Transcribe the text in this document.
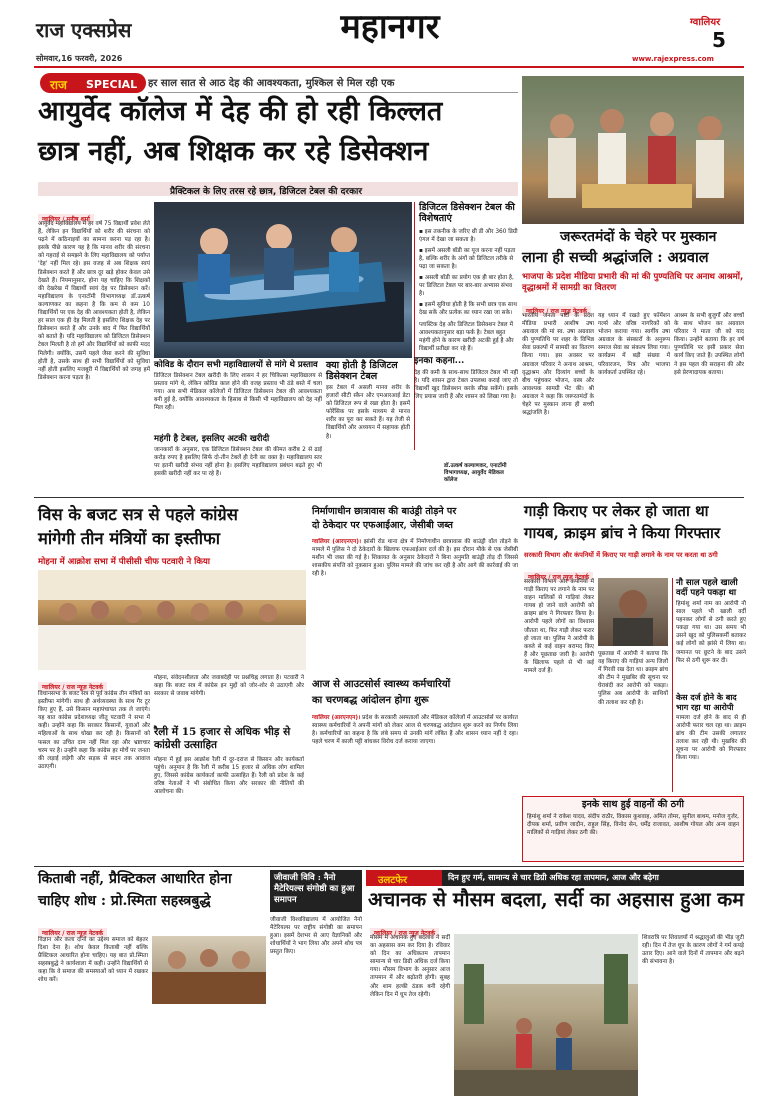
राज एक्सप्रेस
सोमवार,16 फरवरी, 2026
महानगर	ग्वालियर
5
www.rajexpress.com
राज SPECIAL हर साल सात से आठ देह की आवश्यकता, मुश्किल से मिल रही एक
आयुर्वेद कॉलेज में देह की हो रही किल्लत
छात्र नहीं, अब शिक्षक कर रहे डिसेक्शन
प्रैक्टिकल के लिए तरस रहे छात्र, डिजिटल टेबल की दरकार
ग्वालियर / मनीष शर्मा
आयुर्वेद महाविद्यालय में हर वर्ष 75 विद्यार्थी प्रवेश लेते हैं, लेकिन इन विद्यार्थियों को शरीर की संरचना को पढ़ने में कठिनाइयों का सामना करना पड़ रहा है। इसके पीछे कारण यह है कि मानव शरीर की संरचना को गहराई से समझने के लिए महाविद्यालय को पर्याप्त 'देह' नहीं मिल रहे। इस वजह से अब शिक्षक स्वयं डिसेक्शन करते हैं और छात्र दूर खड़े होकर केवल उसे देखते हैं। नियमानुसार, होना यह चाहिए कि शिक्षकों की देखरेख में विद्यार्थी स्वयं देह पर डिसेक्शन करें। महाविद्यालय के एनाटॉमी विभागाध्यक्ष डॉ.उत्कर्ष कल्याणकर का कहना है कि कम से कम 10 विद्यार्थियों पर एक देह की आवश्यकता होती है, लेकिन हर साल एक ही देह मिलती है इसलिए शिक्षक देह पर डिसेक्शन करते हैं और उनके बाद में फिर विद्यार्थियों को बताते हैं। यदि महाविद्यालय को डिजिटल डिसेक्शन टेबल मिलती है तो हमें और विद्यार्थियों को काफी मदद मिलेगी। क्योंकि, उसमें पहले जैसा करने की सुविधा होती है, उसके साथ ही सभी विद्यार्थियों को सुविधा नहीं होती इसलिए मजबूरी में विद्यार्थियों को जगह हमें डिसेक्शन करना पड़ता है।
डिजिटल डिसेक्शन टेबल की विशेषताएं
▪ इस तकनीक के जरिए थ्री डी और 360 डिग्री एंगल में देखा जा सकता है।
▪ इसमें असली बॉडी का यूज करना नहीं पड़ता है, बल्कि शरीर के अंगों को डिजिटल तरीके से पढ़ा जा सकता है।
▪ असली बॉडी का प्रयोग एक ही बार होता है, पर डिजिटल टेबल पर बार-बार अभ्यास संभव है।
▪ इसमें सुविधा होती है कि सभी छात्र एक साथ देख सकें और प्रत्येक का ध्यान रखा जा सके।
प्लास्टिक देह और डिजिटल डिसेक्शन टेबल में आवश्यकतानुसार बड़ा फर्क है। टेबल बहुत महंगी होने के कारण खरीदी अटकी हुई है और विद्यार्थी प्रतीक्षा कर रहे हैं।
कोविड के दौरान सभी महाविद्यालयों से मांगे थे प्रस्ताव
डिजिटल डिसेक्शन टेबल खरीदी के लिए शासन ने हर चिकित्सा महाविद्यालय से प्रस्ताव मांगे थे, लेकिन कोविड काल होने की वजह प्रस्ताव भी ठंडे बस्ते में चला गया। अब सभी मेडिकल कॉलेजों में डिजिटल डिसेक्शन टेबल की आवश्यकता बनी हुई है, क्योंकि आवश्यकता के हिसाब से किसी भी महाविद्यालय को देह नहीं मिल रही।
महंगी है टेबल, इसलिए अटकी खरीदी
जानकारों के अनुसार, एक डिजिटल डिसेक्शन टेबल की कीमत करीब 2 से ढाई करोड़ रुपए है इसलिए सिर्फ दो-तीन टेबलें ही देनी का वक्त है। महाविद्यालय स्तर पर इतनी खरीदी संभव नहीं होना है। इसलिए महाविद्यालय प्रबंधन बढ़ते हुए भी इसकी खरीदी नहीं कर पा रहे हैं।
क्या होती है डिजिटल डिसेक्शन टेबल
इस टेबल में असली मानव शरीर के हजारों सीटी स्कैन और एमआरआई डेटा को डिजिटल रूप से रखा होता है। इसमें फोरेंसिक पर इसके माध्यम से मानव शरीर का पूरा कर सकते हैं। यह तेजी से विद्यार्थियों और अध्ययन में सहायक होती है।
इनका कहना...
देह की कमी के साथ-साथ डिजिटल टेबल भी नहीं है। यदि शासन द्वारा टेबल उपलब्ध कराई जाए तो विद्यार्थी खुद डिसेक्शन करके सीख सकेंगे। इसके लिए प्रयास जारी हैं और शासन को लिखा गया है।
डॉ.उत्कर्ष कल्याणकर, एनाटॉमी विभागाध्यक्ष, आयुर्वेद मेडिकल कॉलेज
जरूरतमंदों के चेहरे पर मुस्कान
लाना ही सच्ची श्रद्धांजलि : अग्रवाल
भाजपा के प्रदेश मीडिया प्रभारी की मां की पुण्यतिथि पर अनाथ आश्रमों, वृद्धाश्रमों में सामग्री का वितरण
ग्वालियर / राज न्यूज़ नेटवर्क
भारतीय जनता पार्टी के प्रदेश मीडिया प्रभारी आशीष उषा अग्रवाल की मां स्व. उषा अग्रवाल की पुण्यतिथि पर शहर के विभिन्न सेवा प्रकल्पों में सामग्री का वितरण किया गया। इस अवसर पर अग्रवाल परिवार ने अनाथ आश्रम, वृद्धाश्रम और दिव्यांग बच्चों के बीच पहुंचकर भोजन, वस्त्र और आवश्यक सामग्री भेंट की। श्री अग्रवाल ने कहा कि जरूरतमंदों के चेहरे पर मुस्कान लाना ही सच्ची श्रद्धांजलि है।
यह ध्यान में रखते हुए फॉर्मेशन गर्ल्स और वरिष्ठ नागरिकों को भोजन कराया गया। स्वर्गीय उषा अग्रवाल के संस्कारों के अनुरूप समाज सेवा का संकल्प लिया गया। कार्यक्रम में बड़ी संख्या में परिवारजन, मित्र और भाजपा कार्यकर्ता उपस्थित रहे।
आश्रम के सभी बुजुर्गों और बच्चों के साथ भोजन कर अग्रवाल परिवार ने माता जी को याद किया। उन्होंने बताया कि हर वर्ष पुण्यतिथि पर इसी प्रकार सेवा कार्य किए जाते हैं। उपस्थित लोगों ने इस पहल की सराहना की और इसे प्रेरणादायक बताया।
विस के बजट सत्र से पहले कांग्रेस
मांगेगी तीन मंत्रियों का इस्तीफा
मोहना में आक्रोश सभा में पीसीसी चीफ पटवारी ने किया
ग्वालियर / राज न्यूज़ नेटवर्क
विधानसभा के बजट सत्र से पूर्व कांग्रेस तीन मंत्रियों का इस्तीफा मांगेगी। साथ ही अर्थव्यवस्था के साथ गैर टूर किए हुए हैं, उसे किसान महापंचायत तक ले जाएंगे। यह बात कांग्रेस प्रदेशाध्यक्ष जीतू पटवारी ने सभा में कही। उन्होंने कहा कि सरकार किसानों, युवाओं और महिलाओं के साथ धोखा कर रही है। किसानों को फसल का उचित दाम नहीं मिल रहा और भ्रष्टाचार चरम पर है। उन्होंने कहा कि कांग्रेस हर मोर्चे पर जनता की लड़ाई लड़ेगी और सड़क से सदन तक आवाज उठाएगी।
मोहना, संवेदनशीलता और जवाबदेही पर प्रश्नचिह्न लगाता है। पटवारी ने कहा कि बजट सत्र में कांग्रेस इन मुद्दों को जोर-शोर से उठाएगी और सरकार से जवाब मांगेगी।
रैली में 15 हजार से अधिक भीड़ से कांग्रेसी उत्साहित
मोहना में हुई इस आक्रोश रैली में दूर-दराज से किसान और कार्यकर्ता पहुंचे। अनुमान है कि रैली में करीब 15 हजार से अधिक लोग शामिल हुए, जिससे कांग्रेस कार्यकर्ता काफी उत्साहित हैं। रैली को प्रदेश के कई वरिष्ठ नेताओं ने भी संबोधित किया और सरकार की नीतियों की आलोचना की।
निर्माणाधीन छात्रावास की बाउंड्री तोड़ने पर
दो ठेकेदार पर एफआईआर, जेसीबी जब्त
ग्वालियर (आरएनएन)। झांसी रोड थाना क्षेत्र में निर्माणाधीन छात्रावास की बाउंड्री वॉल तोड़ने के मामले में पुलिस ने दो ठेकेदारों के खिलाफ एफआईआर दर्ज की है। इस दौरान मौके से एक जेसीबी मशीन भी जब्त की गई है। शिकायत के अनुसार ठेकेदारों ने बिना अनुमति बाउंड्री तोड़ दी जिससे शासकीय संपत्ति को नुकसान हुआ। पुलिस मामले की जांच कर रही है और आगे की कार्रवाई की जा रही है।
आज से आउटसोर्स स्वास्थ्य कर्मचारियों
का चरणबद्ध आंदोलन होगा शुरू
ग्वालियर (आरएनएन)। प्रदेश के सरकारी अस्पतालों और मेडिकल कॉलेजों में आउटसोर्स पर कार्यरत स्वास्थ्य कर्मचारियों ने अपनी मांगों को लेकर आज से चरणबद्ध आंदोलन शुरू करने का निर्णय लिया है। कर्मचारियों का कहना है कि लंबे समय से उनकी मांगें लंबित हैं और शासन ध्यान नहीं दे रहा। पहले चरण में काली पट्टी बांधकर विरोध दर्ज कराया जाएगा।
गाड़ी किराए पर लेकर हो जाता था
गायब, क्राइम ब्रांच ने किया गिरफ्तार
सरकारी विभाग और कंपनियों में किराए पर गाड़ी लगाने के नाम पर करता था ठगी
ग्वालियर / राज न्यूज़ नेटवर्क
सरकारी विभाग और कंपनियों में गाड़ी किराए पर लगाने के नाम पर वाहन मालिकों से गाड़ियां लेकर गायब हो जाने वाले आरोपी को क्राइम ब्रांच ने गिरफ्तार किया है। आरोपी पहले लोगों का विश्वास जीतता था, फिर गाड़ी लेकर फरार हो जाता था। पुलिस ने आरोपी के कब्जे से कई वाहन बरामद किए हैं और पूछताछ जारी है। आरोपी के खिलाफ पहले से भी कई मामले दर्ज हैं।
पूछताछ में आरोपी ने बताया कि वह किराए की गाड़ियां अन्य जिलों में गिरवी रख देता था। क्राइम ब्रांच की टीम ने मुखबिर की सूचना पर घेराबंदी कर आरोपी को पकड़ा। पुलिस अब आरोपी के साथियों की तलाश कर रही है।
नौ साल पहले खाली वर्दी पहने पकड़ा था
हिमांशु शर्मा नाम का आरोपी नौ साल पहले भी खाली वर्दी पहनकर लोगों से ठगी करते हुए पकड़ा गया था। उस समय भी उसने खुद को पुलिसकर्मी बताकर कई लोगों को झांसे में लिया था। जमानत पर छूटने के बाद उसने फिर से ठगी शुरू कर दी।
केस दर्ज होने के बाद भाग रहा था आरोपी
मामला दर्ज होने के बाद से ही आरोपी फरार चल रहा था। क्राइम ब्रांच की टीम उसकी लगातार तलाश कर रही थी। मुखबिर की सूचना पर आरोपी को गिरफ्तार किया गया।
इनके साथ हुई वाहनों की ठगी
हिमांशु शर्मा ने राकेश यादव, संदीप राठौर, विकास कुशवाह, अमित तोमर, सुनील बाथम, मनोज गुर्जर, दीपक शर्मा, प्रवीण जादौन, राहुल सिंह, विनोद सेन, धर्मेंद्र राजावत, आशीष गोयल और अन्य वाहन मालिकों से गाड़ियां लेकर ठगी की।
किताबी नहीं, प्रैक्टिकल आधारित होना
चाहिए शोध : प्रो.स्मिता सहस्त्रबुद्धे
ग्वालियर / राज न्यूज़ नेटवर्क
विज्ञान और कला दोनों का उद्देश्य समाज को बेहतर दिशा देना है। शोध केवल किताबी नहीं बल्कि प्रैक्टिकल आधारित होना चाहिए। यह बात प्रो.स्मिता सहस्त्रबुद्धे ने कार्यशाला में कही। उन्होंने विद्यार्थियों से कहा कि वे समाज की समस्याओं को ध्यान में रखकर शोध करें।
जीवाजी विवि : नैनो मैटेरियल्स संगोष्ठी का हुआ समापन
जीवाजी विश्वविद्यालय में आयोजित नैनो मैटेरियल्स पर राष्ट्रीय संगोष्ठी का समापन हुआ। इसमें देशभर से आए वैज्ञानिकों और शोधार्थियों ने भाग लिया और अपने शोध पत्र प्रस्तुत किए।
उलटफेर	दिन हुए गर्म, सामान्य से चार डिग्री अधिक रहा तापमान, आज और बढ़ेगा
अचानक से मौसम बदला, सर्दी का अहसास हुआ कम
ग्वालियर / राज न्यूज़ नेटवर्क
मौसम में अचानक हुए बदलाव ने सर्दी का अहसास कम कर दिया है। रविवार को दिन का अधिकतम तापमान सामान्य से चार डिग्री अधिक दर्ज किया गया। मौसम विभाग के अनुसार आज तापमान में और बढ़ोतरी होगी। सुबह और शाम हल्की ठंडक बनी रहेगी लेकिन दिन में धूप तेज रहेगी।
शिवरात्रि पर शिवालयों में श्रद्धालुओं की भीड़ जुटी रही। दिन में तेज धूप के कारण लोगों ने गर्म कपड़े उतार दिए। आने वाले दिनों में तापमान और बढ़ने की संभावना है।
